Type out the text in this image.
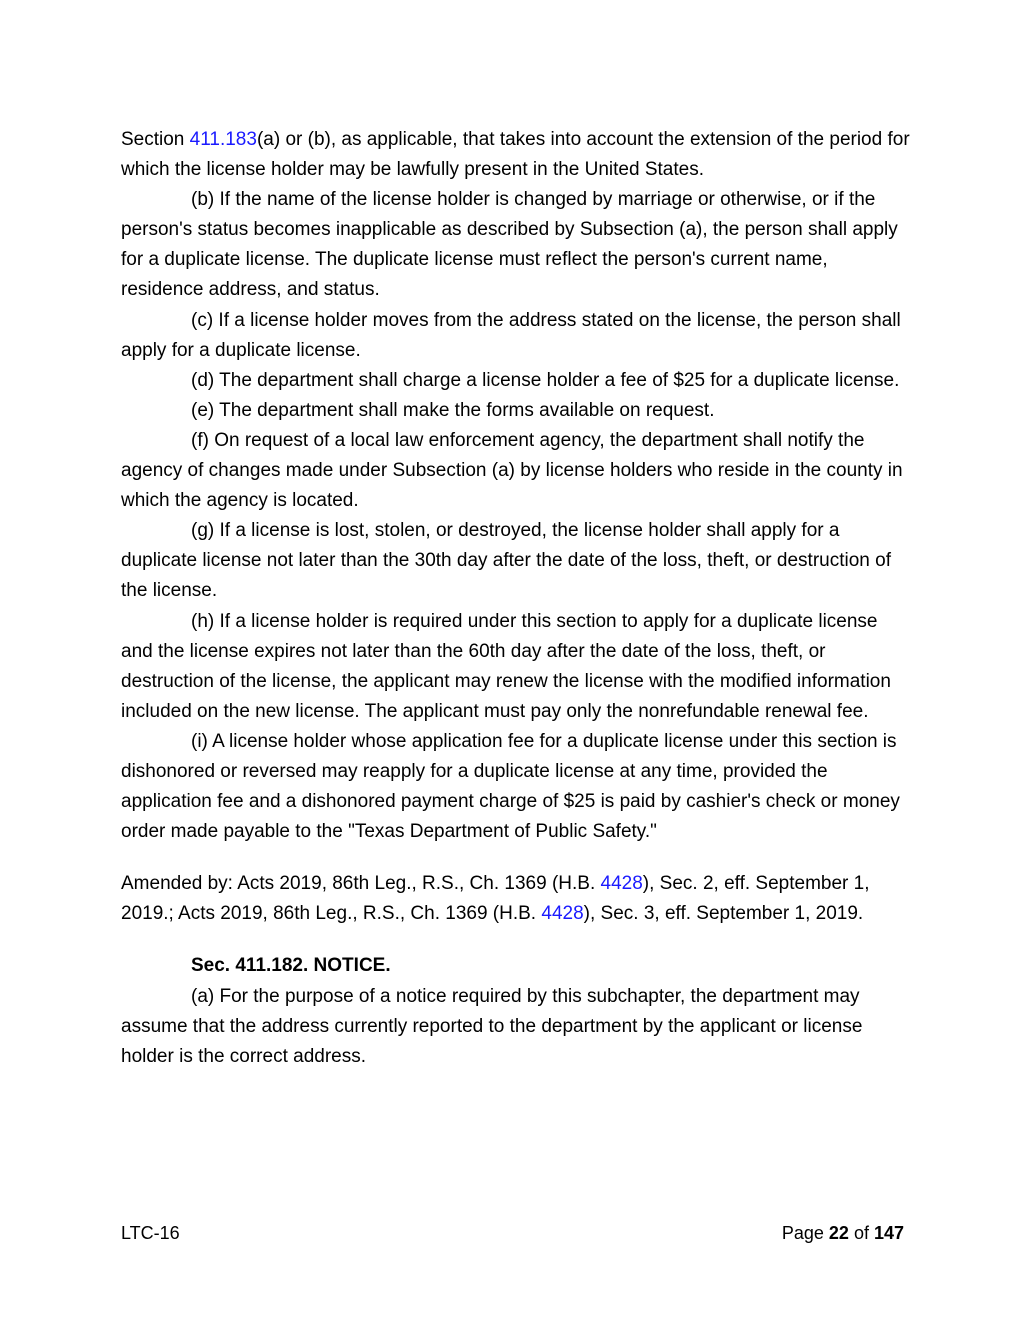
Section 411.183(a) or (b), as applicable, that takes into account the extension of the period for which the license holder may be lawfully present in the United States.

(b) If the name of the license holder is changed by marriage or otherwise, or if the person's status becomes inapplicable as described by Subsection (a), the person shall apply for a duplicate license. The duplicate license must reflect the person's current name, residence address, and status.

(c) If a license holder moves from the address stated on the license, the person shall apply for a duplicate license.

(d) The department shall charge a license holder a fee of $25 for a duplicate license.

(e) The department shall make the forms available on request.

(f) On request of a local law enforcement agency, the department shall notify the agency of changes made under Subsection (a) by license holders who reside in the county in which the agency is located.

(g) If a license is lost, stolen, or destroyed, the license holder shall apply for a duplicate license not later than the 30th day after the date of the loss, theft, or destruction of the license.

(h) If a license holder is required under this section to apply for a duplicate license and the license expires not later than the 60th day after the date of the loss, theft, or destruction of the license, the applicant may renew the license with the modified information included on the new license. The applicant must pay only the nonrefundable renewal fee.

(i) A license holder whose application fee for a duplicate license under this section is dishonored or reversed may reapply for a duplicate license at any time, provided the application fee and a dishonored payment charge of $25 is paid by cashier's check or money order made payable to the "Texas Department of Public Safety."

Amended by: Acts 2019, 86th Leg., R.S., Ch. 1369 (H.B. 4428), Sec. 2, eff. September 1, 2019.; Acts 2019, 86th Leg., R.S., Ch. 1369 (H.B. 4428), Sec. 3, eff. September 1, 2019.

Sec. 411.182. NOTICE.

(a) For the purpose of a notice required by this subchapter, the department may assume that the address currently reported to the department by the applicant or license holder is the correct address.

LTC-16	Page 22 of 147
